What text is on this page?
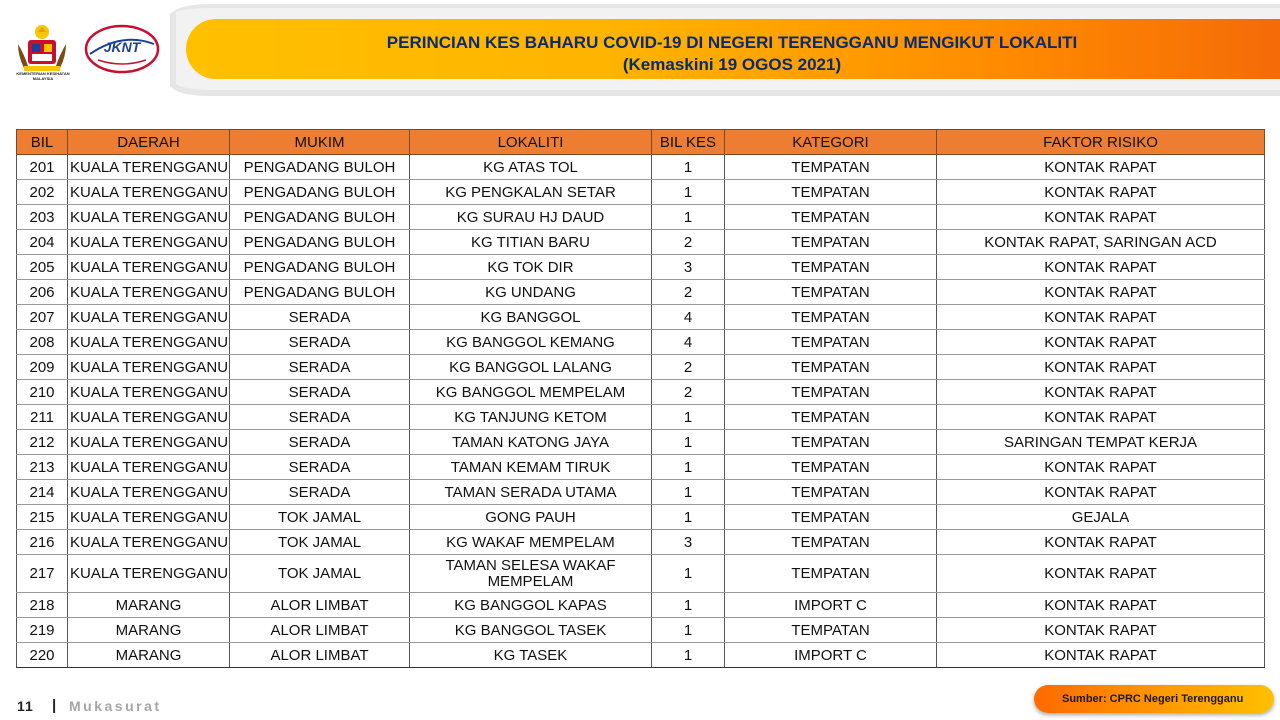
KEMENTERIAN KESIHATAN MALAYSIA
JKNT	PERINCIAN KES BAHARU COVID-19 DI NEGERI TERENGGANU MENGIKUT LOKALITI
(Kemaskini 19 OGOS 2021)
BIL	DAERAH	MUKIM	LOKALITI	BIL KES	KATEGORI	FAKTOR RISIKO
201	KUALA TERENGGANU	PENGADANG BULOH	KG ATAS TOL	1	TEMPATAN	KONTAK RAPAT
202	KUALA TERENGGANU	PENGADANG BULOH	KG PENGKALAN SETAR	1	TEMPATAN	KONTAK RAPAT
203	KUALA TERENGGANU	PENGADANG BULOH	KG SURAU HJ DAUD	1	TEMPATAN	KONTAK RAPAT
204	KUALA TERENGGANU	PENGADANG BULOH	KG TITIAN BARU	2	TEMPATAN	KONTAK RAPAT, SARINGAN ACD
205	KUALA TERENGGANU	PENGADANG BULOH	KG TOK DIR	3	TEMPATAN	KONTAK RAPAT
206	KUALA TERENGGANU	PENGADANG BULOH	KG UNDANG	2	TEMPATAN	KONTAK RAPAT
207	KUALA TERENGGANU	SERADA	KG BANGGOL	4	TEMPATAN	KONTAK RAPAT
208	KUALA TERENGGANU	SERADA	KG BANGGOL KEMANG	4	TEMPATAN	KONTAK RAPAT
209	KUALA TERENGGANU	SERADA	KG BANGGOL LALANG	2	TEMPATAN	KONTAK RAPAT
210	KUALA TERENGGANU	SERADA	KG BANGGOL MEMPELAM	2	TEMPATAN	KONTAK RAPAT
211	KUALA TERENGGANU	SERADA	KG TANJUNG KETOM	1	TEMPATAN	KONTAK RAPAT
212	KUALA TERENGGANU	SERADA	TAMAN KATONG JAYA	1	TEMPATAN	SARINGAN TEMPAT KERJA
213	KUALA TERENGGANU	SERADA	TAMAN KEMAM TIRUK	1	TEMPATAN	KONTAK RAPAT
214	KUALA TERENGGANU	SERADA	TAMAN SERADA UTAMA	1	TEMPATAN	KONTAK RAPAT
215	KUALA TERENGGANU	TOK JAMAL	GONG PAUH	1	TEMPATAN	GEJALA
216	KUALA TERENGGANU	TOK JAMAL	KG WAKAF MEMPELAM	3	TEMPATAN	KONTAK RAPAT
217	KUALA TERENGGANU	TOK JAMAL	TAMAN SELESA WAKAF MEMPELAM	1	TEMPATAN	KONTAK RAPAT
218	MARANG	ALOR LIMBAT	KG BANGGOL KAPAS	1	IMPORT C	KONTAK RAPAT
219	MARANG	ALOR LIMBAT	KG BANGGOL TASEK	1	TEMPATAN	KONTAK RAPAT
220	MARANG	ALOR LIMBAT	KG TASEK	1	IMPORT C	KONTAK RAPAT
11 | Mukasurat	Sumber: CPRC Negeri Terengganu
